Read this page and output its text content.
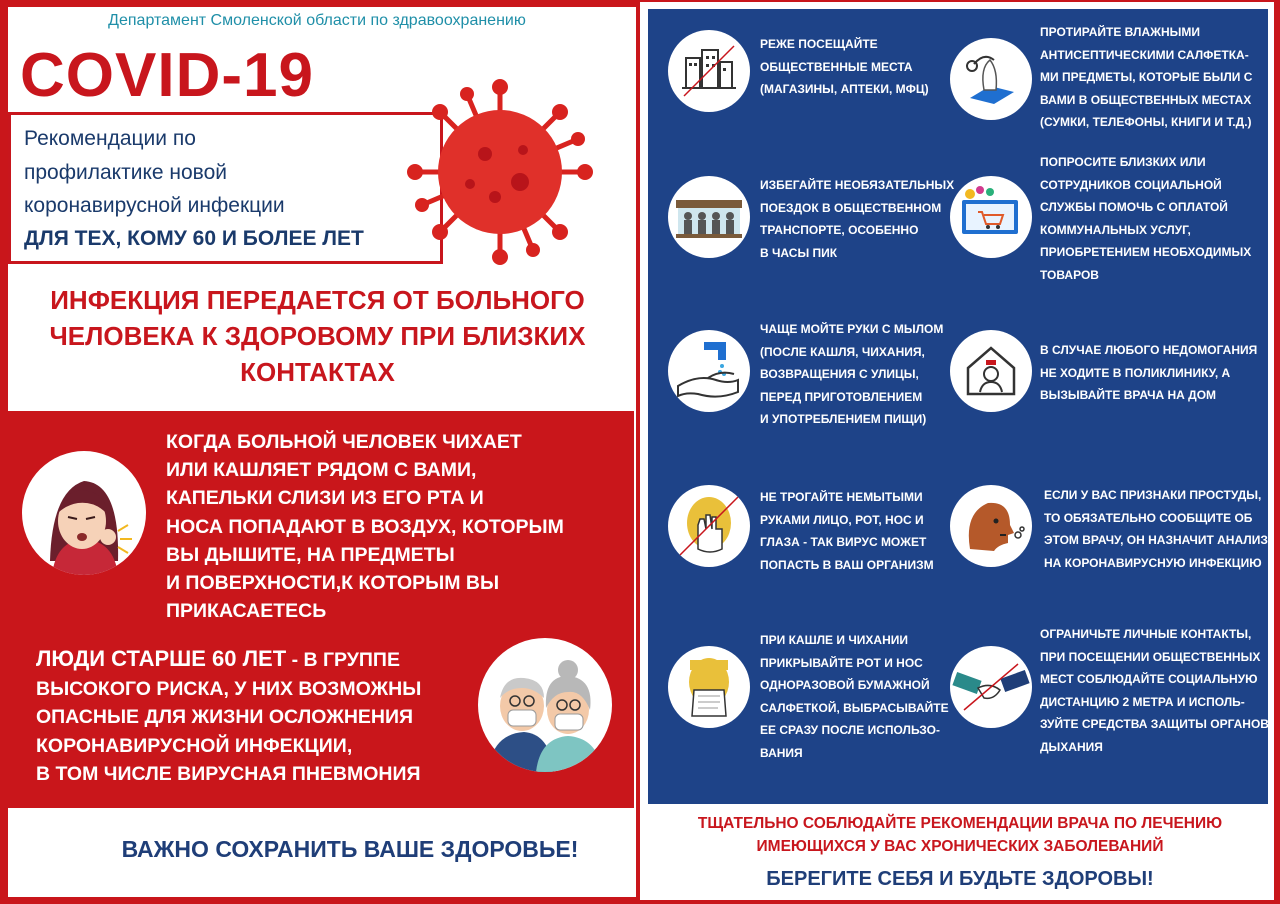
Департамент Смоленской области по здравоохранению
COVID-19
Рекомендации по
профилактике новой
коронавирусной инфекции
ДЛЯ ТЕХ, КОМУ 60 И БОЛЕЕ ЛЕТ
ИНФЕКЦИЯ ПЕРЕДАЕТСЯ ОТ БОЛЬНОГО
ЧЕЛОВЕКА К ЗДОРОВОМУ ПРИ БЛИЗКИХ
КОНТАКТАХ
КОГДА БОЛЬНОЙ ЧЕЛОВЕК ЧИХАЕТ
ИЛИ КАШЛЯЕТ РЯДОМ С ВАМИ,
КАПЕЛЬКИ СЛИЗИ ИЗ ЕГО РТА И
НОСА ПОПАДАЮТ В ВОЗДУХ, КОТОРЫМ
ВЫ ДЫШИТЕ, НА ПРЕДМЕТЫ
И ПОВЕРХНОСТИ,К КОТОРЫМ ВЫ
ПРИКАСАЕТЕСЬ
ЛЮДИ СТАРШЕ 60 ЛЕТ - В ГРУППЕ
ВЫСОКОГО РИСКА, У НИХ ВОЗМОЖНЫ
ОПАСНЫЕ ДЛЯ ЖИЗНИ ОСЛОЖНЕНИЯ
КОРОНАВИРУСНОЙ ИНФЕКЦИИ,
В ТОМ ЧИСЛЕ ВИРУСНАЯ ПНЕВМОНИЯ
ВАЖНО СОХРАНИТЬ ВАШЕ ЗДОРОВЬЕ!
РЕЖЕ ПОСЕЩАЙТЕ
ОБЩЕСТВЕННЫЕ МЕСТА
(МАГАЗИНЫ, АПТЕКИ, МФЦ)
ПРОТИРАЙТЕ ВЛАЖНЫМИ
АНТИСЕПТИЧЕСКИМИ САЛФЕТКА-
МИ ПРЕДМЕТЫ, КОТОРЫЕ БЫЛИ С
ВАМИ В ОБЩЕСТВЕННЫХ МЕСТАХ
(СУМКИ, ТЕЛЕФОНЫ, КНИГИ И Т.Д.)
ИЗБЕГАЙТЕ НЕОБЯЗАТЕЛЬНЫХ
ПОЕЗДОК В ОБЩЕСТВЕННОМ
ТРАНСПОРТЕ, ОСОБЕННО
В ЧАСЫ ПИК
ПОПРОСИТЕ БЛИЗКИХ ИЛИ
СОТРУДНИКОВ СОЦИАЛЬНОЙ
СЛУЖБЫ ПОМОЧЬ С ОПЛАТОЙ
КОММУНАЛЬНЫХ УСЛУГ,
ПРИОБРЕТЕНИЕМ НЕОБХОДИМЫХ
ТОВАРОВ
ЧАЩЕ МОЙТЕ РУКИ С МЫЛОМ
(ПОСЛЕ КАШЛЯ, ЧИХАНИЯ,
ВОЗВРАЩЕНИЯ С УЛИЦЫ,
ПЕРЕД ПРИГОТОВЛЕНИЕМ
И УПОТРЕБЛЕНИЕМ ПИЩИ)
В СЛУЧАЕ ЛЮБОГО НЕДОМОГАНИЯ
НЕ ХОДИТЕ В ПОЛИКЛИНИКУ, А
ВЫЗЫВАЙТЕ ВРАЧА НА ДОМ
НЕ ТРОГАЙТЕ НЕМЫТЫМИ
РУКАМИ ЛИЦО, РОТ, НОС И
ГЛАЗА - ТАК ВИРУС МОЖЕТ
ПОПАСТЬ В ВАШ ОРГАНИЗМ
ЕСЛИ У ВАС ПРИЗНАКИ ПРОСТУДЫ,
ТО ОБЯЗАТЕЛЬНО СООБЩИТЕ ОБ
ЭТОМ ВРАЧУ, ОН НАЗНАЧИТ АНАЛИЗ
НА КОРОНАВИРУСНУЮ ИНФЕКЦИЮ
ПРИ КАШЛЕ И ЧИХАНИИ
ПРИКРЫВАЙТЕ РОТ И НОС
ОДНОРАЗОВОЙ БУМАЖНОЙ
САЛФЕТКОЙ, ВЫБРАСЫВАЙТЕ
ЕЕ СРАЗУ ПОСЛЕ ИСПОЛЬЗО-
ВАНИЯ
ОГРАНИЧЬТЕ ЛИЧНЫЕ КОНТАКТЫ,
ПРИ ПОСЕЩЕНИИ ОБЩЕСТВЕННЫХ
МЕСТ СОБЛЮДАЙТЕ СОЦИАЛЬНУЮ
ДИСТАНЦИЮ 2 МЕТРА И ИСПОЛЬ-
ЗУЙТЕ СРЕДСТВА ЗАЩИТЫ ОРГАНОВ
ДЫХАНИЯ
ТЩАТЕЛЬНО СОБЛЮДАЙТЕ РЕКОМЕНДАЦИИ ВРАЧА ПО ЛЕЧЕНИЮ
ИМЕЮЩИХСЯ У ВАС ХРОНИЧЕСКИХ ЗАБОЛЕВАНИЙ
БЕРЕГИТЕ СЕБЯ И БУДЬТЕ ЗДОРОВЫ!
